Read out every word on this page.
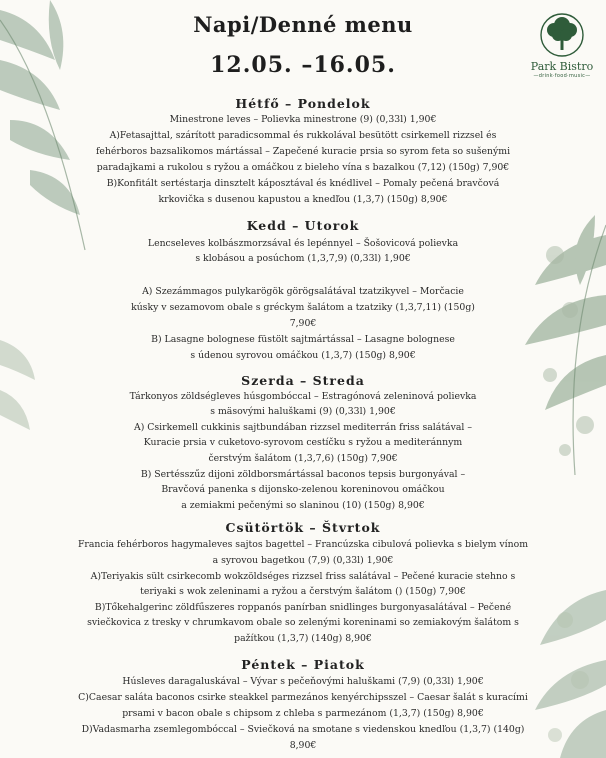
Napi/Denné menu
12.05. –16.05.	Park Bistro
—drink·food·music—
Hétfő – Pondelok
Minestrone leves – Polievka minestrone (9) (0,33l) 1,90€
A)Fetasajttal, szárított paradicsommal és rukkolával besütött csirkemell rizzsel és
fehérboros bazsalikomos mártással – Zapečené kuracie prsia so syrom feta so sušenými
paradajkami a rukolou s ryžou a omáčkou z bieleho vína s bazalkou (7,12) (150g) 7,90€
B)Konfitált sertéstarja dinsztelt káposztával és knédlivel – Pomaly pečená bravčová
krkovička s dusenou kapustou a knedľou (1,3,7) (150g) 8,90€
Kedd – Utorok
Lencseleves kolbászmorzsával és lepénnyel – Šošovicová polievka
s klobásou a posúchom (1,3,7,9) (0,33l) 1,90€
A) Szezámmagos pulykarögök görögsalátával tzatzikyvel – Morčacie
kúsky v sezamovom obale s gréckym šalátom a tzatziky (1,3,7,11) (150g)
7,90€
B) Lasagne bolognese füstölt sajtmártással – Lasagne bolognese
s údenou syrovou omáčkou (1,3,7) (150g) 8,90€
Szerda – Streda
Tárkonyos zöldségleves húsgombóccal – Estragónová zeleninová polievka
s mäsovými haluškami (9) (0,33l) 1,90€
A) Csirkemell cukkinis sajtbundában rizzsel mediterrán friss salátával –
Kuracie prsia v cuketovo-syrovom cestíčku s ryžou a mediteránnym
čerstvým šalátom (1,3,7,6) (150g) 7,90€
B) Sertésszűz dijoni zöldborsmártással baconos tepsis burgonyával –
Bravčová panenka s dijonsko-zelenou koreninovou omáčkou
a zemiakmi pečenými so slaninou (10) (150g) 8,90€
Csütörtök – Štvrtok
Francia fehérboros hagymaleves sajtos bagettel – Francúzska cibulová polievka s bielym vínom
a syrovou bagetkou (7,9) (0,33l) 1,90€
A)Teriyakis sült csirkecomb wokzöldséges rizzsel friss salátával – Pečené kuracie stehno s
teriyaki s wok zeleninami a ryžou a čerstvým šalátom () (150g) 7,90€
B)Tőkehalgerinc zöldfűszeres roppanós panírban snidlinges burgonyasalátával – Pečené
sviečkovica z tresky v chrumkavom obale so zelenými koreninami so zemiakovým šalátom s
pažítkou (1,3,7) (140g) 8,90€
Péntek – Piatok
Húsleves daragaluskával – Vývar s pečeňovými haluškami (7,9) (0,33l) 1,90€
C)Caesar saláta baconos csirke steakkel parmezános kenyérchipsszel – Caesar šalát s kuracími
prsami v bacon obale s chipsom z chleba s parmezánom (1,3,7) (150g) 8,90€
D)Vadasmarha zsemlegombóccal – Sviečková na smotane s viedenskou knedľou (1,3,7) (140g)
8,90€
